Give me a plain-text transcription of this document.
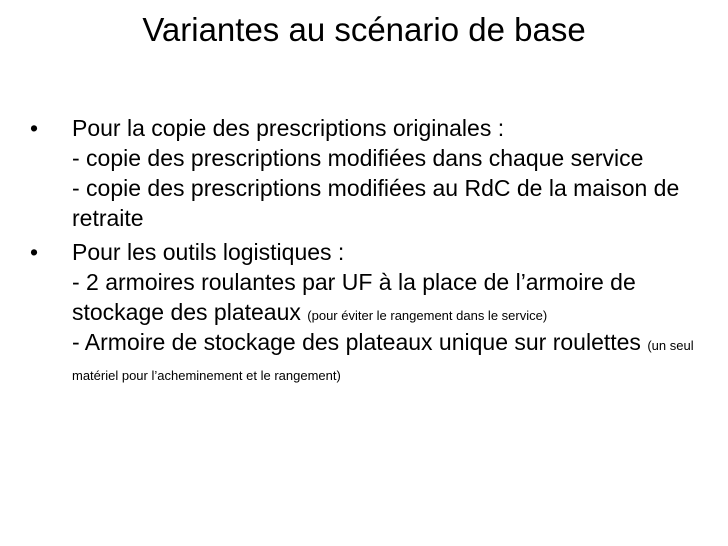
Variantes au scénario de base
•	Pour la copie des prescriptions originales :
- copie des prescriptions modifiées dans chaque service
- copie des prescriptions modifiées au RdC de la maison de retraite
•	Pour les outils logistiques :
- 2 armoires roulantes par UF à la place de l’armoire de stockage des plateaux (pour éviter le rangement dans le service)
- Armoire de stockage des plateaux unique sur roulettes (un seul matériel pour l’acheminement et le rangement)
